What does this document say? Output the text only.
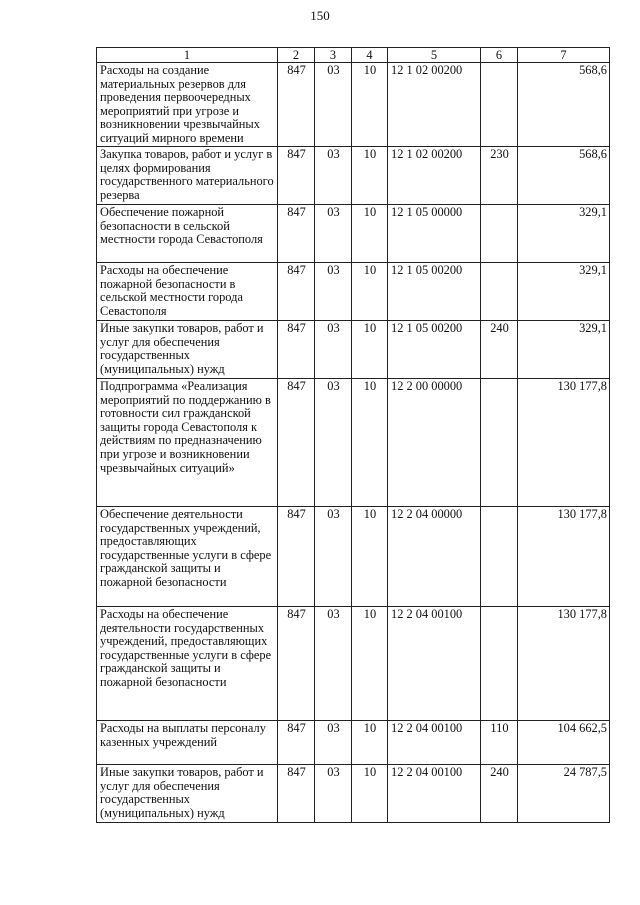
150
1	2	3	4	5	6	7
Расходы на создание материальных резервов для проведения первоочередных мероприятий при угрозе и возникновении чрезвычайных ситуаций мирного времени	847	03	10	12 1 02 00200		568,6
Закупка товаров, работ и услуг в целях формирования государственного материального резерва	847	03	10	12 1 02 00200	230	568,6
Обеспечение пожарной безопасности в сельской местности города Севастополя	847	03	10	12 1 05 00000		329,1
Расходы на обеспечение пожарной безопасности в сельской местности города Севастополя	847	03	10	12 1 05 00200		329,1
Иные закупки товаров, работ и услуг для обеспечения государственных (муниципальных) нужд	847	03	10	12 1 05 00200	240	329,1
Подпрограмма «Реализация мероприятий по поддержанию в готовности сил гражданской защиты города Севастополя к действиям по предназначению при угрозе и возникновении чрезвычайных ситуаций»	847	03	10	12 2 00 00000		130 177,8
Обеспечение деятельности государственных учреждений, предоставляющих государственные услуги в сфере гражданской защиты и пожарной безопасности	847	03	10	12 2 04 00000		130 177,8
Расходы на обеспечение деятельности государственных учреждений, предоставляющих государственные услуги в сфере гражданской защиты и пожарной безопасности	847	03	10	12 2 04 00100		130 177,8
Расходы на выплаты персоналу казенных учреждений	847	03	10	12 2 04 00100	110	104 662,5
Иные закупки товаров, работ и услуг для обеспечения государственных (муниципальных) нужд	847	03	10	12 2 04 00100	240	24 787,5
